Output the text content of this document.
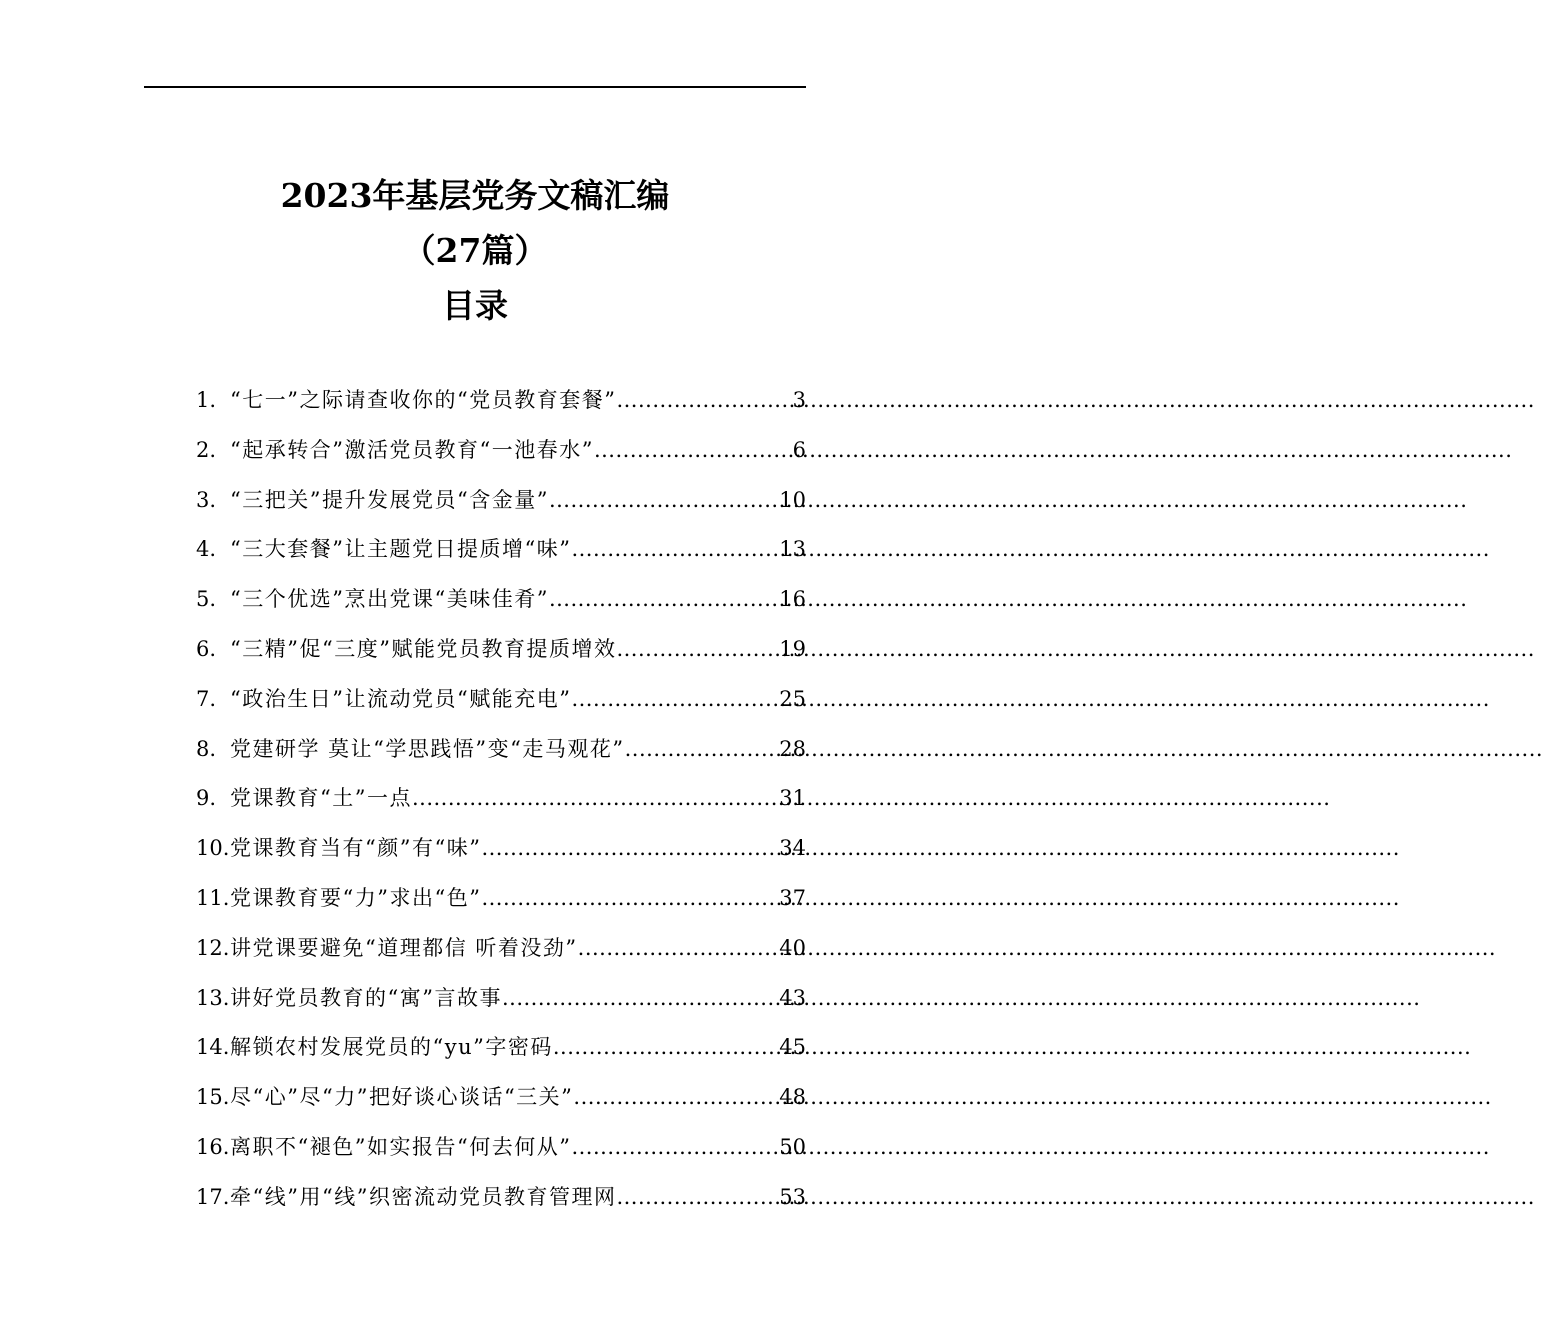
2023年基层党务文稿汇编
（27篇）
目录
1. “七一”之际请查收你的“党员教育套餐” .....	3
2. “起承转合”激活党员教育“一池春水” .....	6
3. “三把关”提升发展党员“含金量” .....	10
4. “三大套餐”让主题党日提质增“味” .....	13
5. “三个优选”烹出党课“美味佳肴” .....	16
6. “三精”促“三度”赋能党员教育提质增效 .....	19
7. “政治生日”让流动党员“赋能充电” .....	25
8. 党建研学 莫让“学思践悟”变“走马观花” .....	28
9. 党课教育“土”一点 .....	31
10. 党课教育当有“颜”有“味” .....	34
11. 党课教育要“力”求出“色” .....	37
12. 讲党课要避免“道理都信 听着没劲” .....	40
13. 讲好党员教育的“寓”言故事 .....	43
14. 解锁农村发展党员的“yu”字密码 .....	45
15. 尽“心”尽“力”把好谈心谈话“三关” .....	48
16. 离职不“褪色”如实报告“何去何从” .....	50
17. 牵“线”用“线”织密流动党员教育管理网 .....	53
